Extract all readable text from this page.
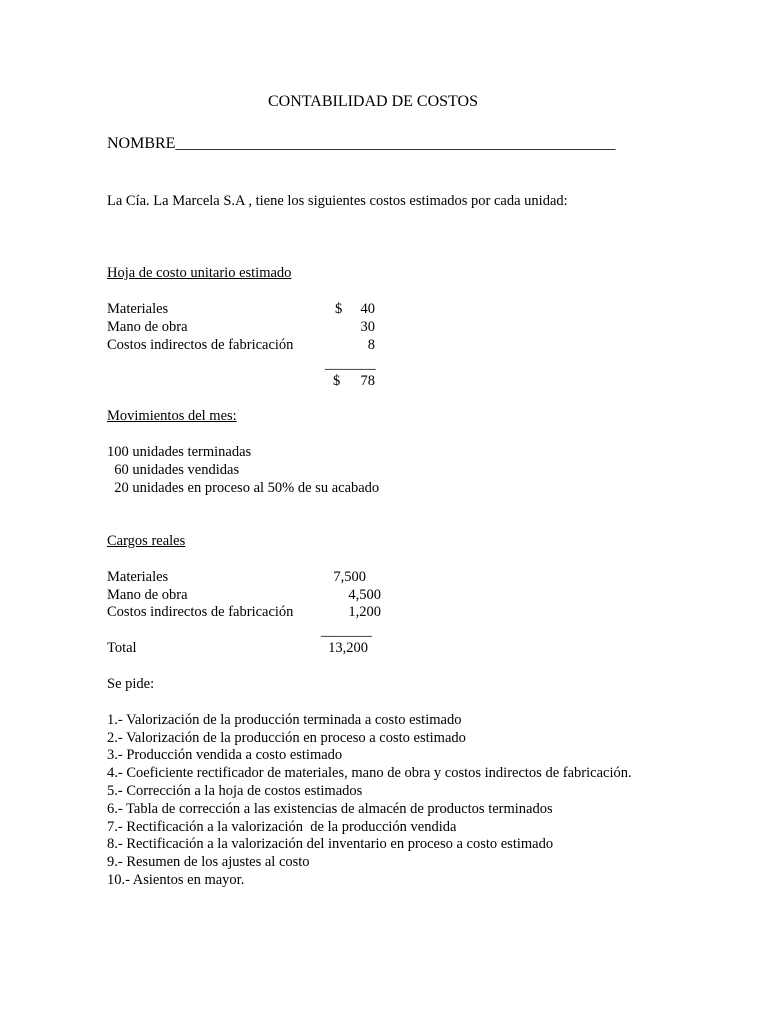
CONTABILIDAD DE COSTOS
NOMBRE_______________________________________________________
La Cía. La Marcela S.A , tiene los siguientes costos estimados por cada unidad:
Hoja de costo unitario estimado
Materiales	$	40
Mano de obra	30
Costos indirectos de fabricación	8
_______
$	78
Movimientos del mes:
100 unidades terminadas
60 unidades vendidas
20 unidades en proceso al 50% de su acabado
Cargos reales
Materiales	7,500
Mano de obra	4,500
Costos indirectos de fabricación	1,200
_______
Total	13,200
Se pide:
1.- Valorización de la producción terminada a costo estimado
2.- Valorización de la producción en proceso a costo estimado
3.- Producción vendida a costo estimado
4.- Coeficiente rectificador de materiales, mano de obra y costos indirectos de fabricación.
5.- Corrección a la hoja de costos estimados
6.- Tabla de corrección a las existencias de almacén de productos terminados
7.- Rectificación a la valorización  de la producción vendida
8.- Rectificación a la valorización del inventario en proceso a costo estimado
9.- Resumen de los ajustes al costo
10.- Asientos en mayor.
